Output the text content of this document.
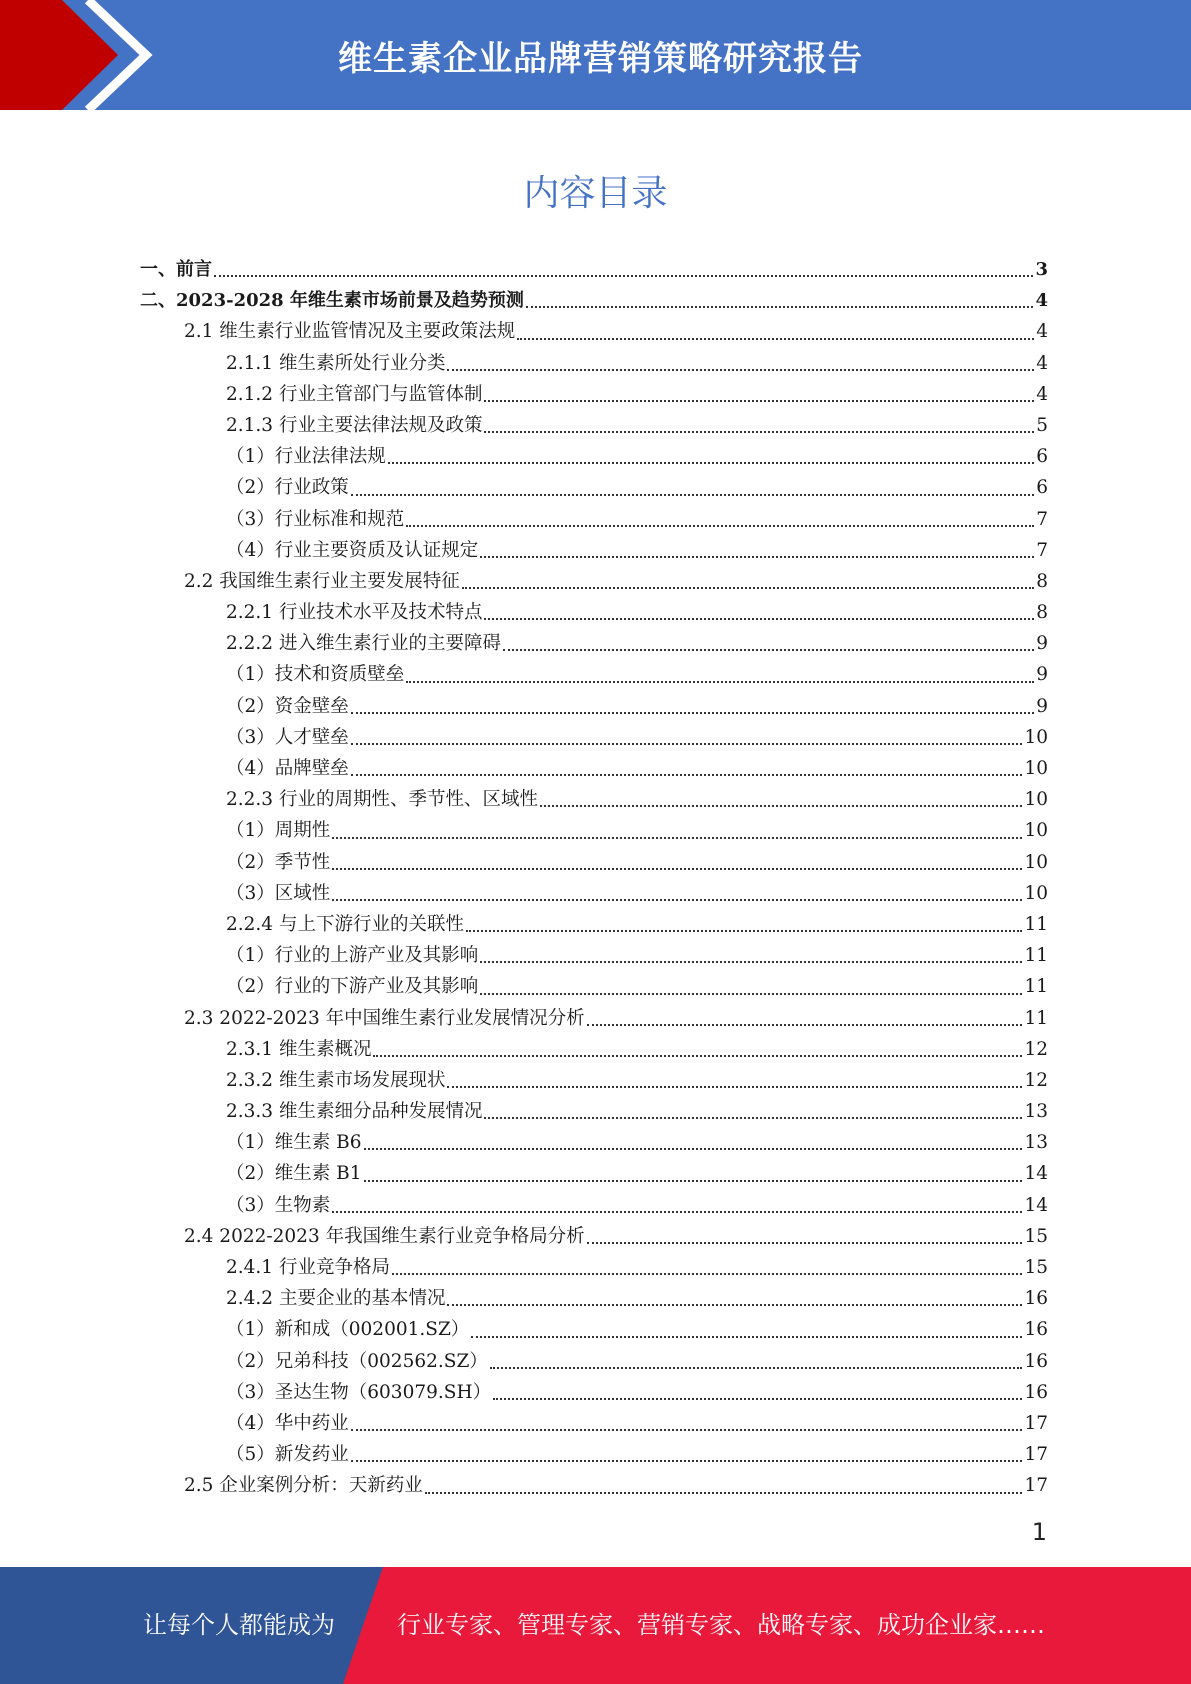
维生素企业品牌营销策略研究报告
内容目录
一、前言	3
二、2023-2028 年维生素市场前景及趋势预测	4
2.1 维生素行业监管情况及主要政策法规	4
2.1.1 维生素所处行业分类	4
2.1.2 行业主管部门与监管体制	4
2.1.3 行业主要法律法规及政策	5
（1）行业法律法规	6
（2）行业政策	6
（3）行业标准和规范	7
（4）行业主要资质及认证规定	7
2.2 我国维生素行业主要发展特征	8
2.2.1 行业技术水平及技术特点	8
2.2.2 进入维生素行业的主要障碍	9
（1）技术和资质壁垒	9
（2）资金壁垒	9
（3）人才壁垒	10
（4）品牌壁垒	10
2.2.3 行业的周期性、季节性、区域性	10
（1）周期性	10
（2）季节性	10
（3）区域性	10
2.2.4 与上下游行业的关联性	11
（1）行业的上游产业及其影响	11
（2）行业的下游产业及其影响	11
2.3 2022-2023 年中国维生素行业发展情况分析	11
2.3.1 维生素概况	12
2.3.2 维生素市场发展现状	12
2.3.3 维生素细分品种发展情况	13
（1）维生素 B6	13
（2）维生素 B1	14
（3）生物素	14
2.4 2022-2023 年我国维生素行业竞争格局分析	15
2.4.1 行业竞争格局	15
2.4.2 主要企业的基本情况	16
（1）新和成（002001.SZ）	16
（2）兄弟科技（002562.SZ）	16
（3）圣达生物（603079.SH）	16
（4）华中药业	17
（5）新发药业	17
2.5 企业案例分析：天新药业	17
1
让每个人都能成为	行业专家、管理专家、营销专家、战略专家、成功企业家……
